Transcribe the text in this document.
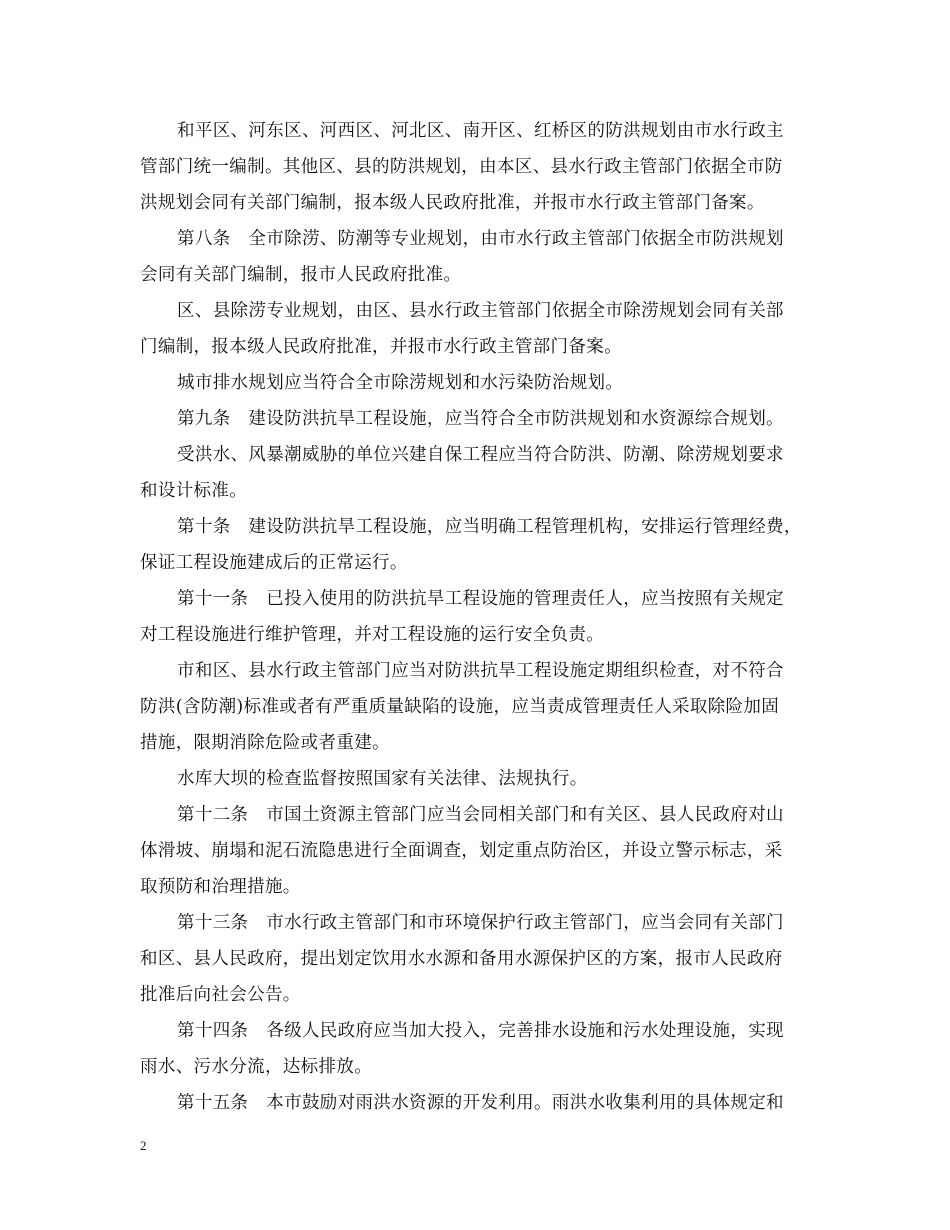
和平区、河东区、河西区、河北区、南开区、红桥区的防洪规划由市水行政主
管部门统一编制。其他区、县的防洪规划，由本区、县水行政主管部门依据全市防
洪规划会同有关部门编制，报本级人民政府批准，并报市水行政主管部门备案。
第八条　全市除涝、防潮等专业规划，由市水行政主管部门依据全市防洪规划
会同有关部门编制，报市人民政府批准。
区、县除涝专业规划，由区、县水行政主管部门依据全市除涝规划会同有关部
门编制，报本级人民政府批准，并报市水行政主管部门备案。
城市排水规划应当符合全市除涝规划和水污染防治规划。
第九条　建设防洪抗旱工程设施，应当符合全市防洪规划和水资源综合规划。
受洪水、风暴潮威胁的单位兴建自保工程应当符合防洪、防潮、除涝规划要求
和设计标准。
第十条　建设防洪抗旱工程设施，应当明确工程管理机构，安排运行管理经费，
保证工程设施建成后的正常运行。
第十一条　已投入使用的防洪抗旱工程设施的管理责任人，应当按照有关规定
对工程设施进行维护管理，并对工程设施的运行安全负责。
市和区、县水行政主管部门应当对防洪抗旱工程设施定期组织检查，对不符合
防洪(含防潮)标准或者有严重质量缺陷的设施，应当责成管理责任人采取除险加固
措施，限期消除危险或者重建。
水库大坝的检查监督按照国家有关法律、法规执行。
第十二条　市国土资源主管部门应当会同相关部门和有关区、县人民政府对山
体滑坡、崩塌和泥石流隐患进行全面调查，划定重点防治区，并设立警示标志，采
取预防和治理措施。
第十三条　市水行政主管部门和市环境保护行政主管部门，应当会同有关部门
和区、县人民政府，提出划定饮用水水源和备用水源保护区的方案，报市人民政府
批准后向社会公告。
第十四条　各级人民政府应当加大投入，完善排水设施和污水处理设施，实现
雨水、污水分流，达标排放。
第十五条　本市鼓励对雨洪水资源的开发利用。雨洪水收集利用的具体规定和
2
